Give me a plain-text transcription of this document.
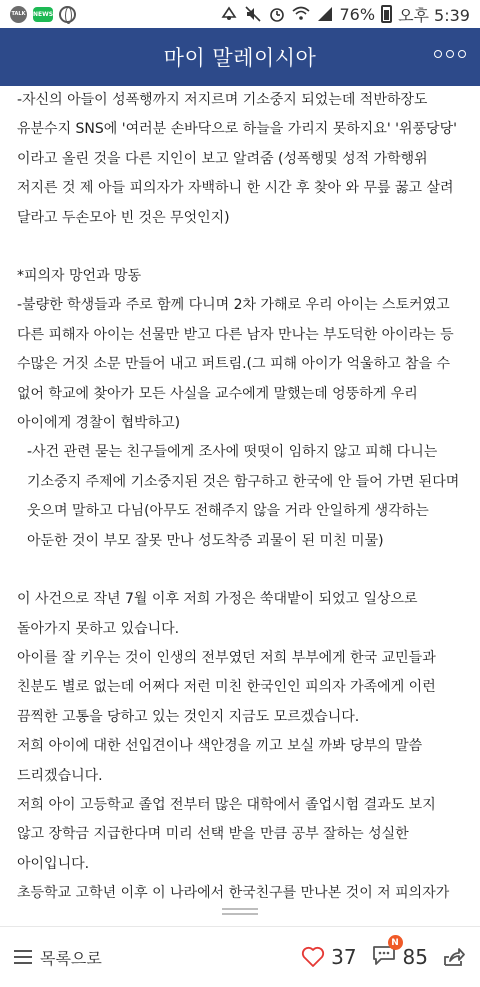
TALK NEWS	76% 오후 5:39
마이 말레이시아

-자신의 아들이 성폭행까지 저지르며 기소중지 되었는데 적반하장도 유분수지 SNS에 '여러분 손바닥으로 하늘을 가리지 못하지요' '위풍당당' 이라고 올린 것을 다른 지인이 보고 알려줌 (성폭행및 성적 가학행위 저지른 것 제 아들 피의자가 자백하니 한 시간 후 찾아 와 무릎 꿇고 살려 달라고 두손모아 빈 것은 무엇인지)

*피의자 망언과 망동

-불량한 학생들과 주로 함께 다니며 2차 가해로 우리 아이는 스토커였고 다른 피해자 아이는 선물만 받고 다른 남자 만나는 부도덕한 아이라는 등 수많은 거짓 소문 만들어 내고 퍼트림.(그 피해 아이가 억울하고 참을 수 없어 학교에 찾아가 모든 사실을 교수에게 말했는데 엉뚱하게 우리 아이에게 경찰이 협박하고)

-사건 관련 묻는 친구들에게 조사에 떳떳이 임하지 않고 피해 다니는 기소중지 주제에 기소중지된 것은 함구하고 한국에 안 들어 가면 된다며 웃으며 말하고 다님(아무도 전해주지 않을 거라 안일하게 생각하는 아둔한 것이 부모 잘못 만나 성도착증 괴물이 된 미친 미물)

이 사건으로 작년 7월 이후 저희 가정은 쑥대밭이 되었고 일상으로 돌아가지 못하고 있습니다.

아이를 잘 키우는 것이 인생의 전부였던 저희 부부에게 한국 교민들과 친분도 별로 없는데 어쩌다 저런 미친 한국인인 피의자 가족에게 이런 끔찍한 고통을 당하고 있는 것인지 지금도 모르겠습니다.

저희 아이에 대한 선입견이나 색안경을 끼고 보실 까봐 당부의 말씀 드리겠습니다.

저희 아이 고등학교 졸업 전부터 많은 대학에서 졸업시험 결과도 보지 않고 장학금 지급한다며 미리 선택 받을 만큼 공부 잘하는 성실한 아이입니다.

초등학교 고학년 이후 이 나라에서 한국친구를 만나본 것이 저 피의자가

목록으로	37
N
85
